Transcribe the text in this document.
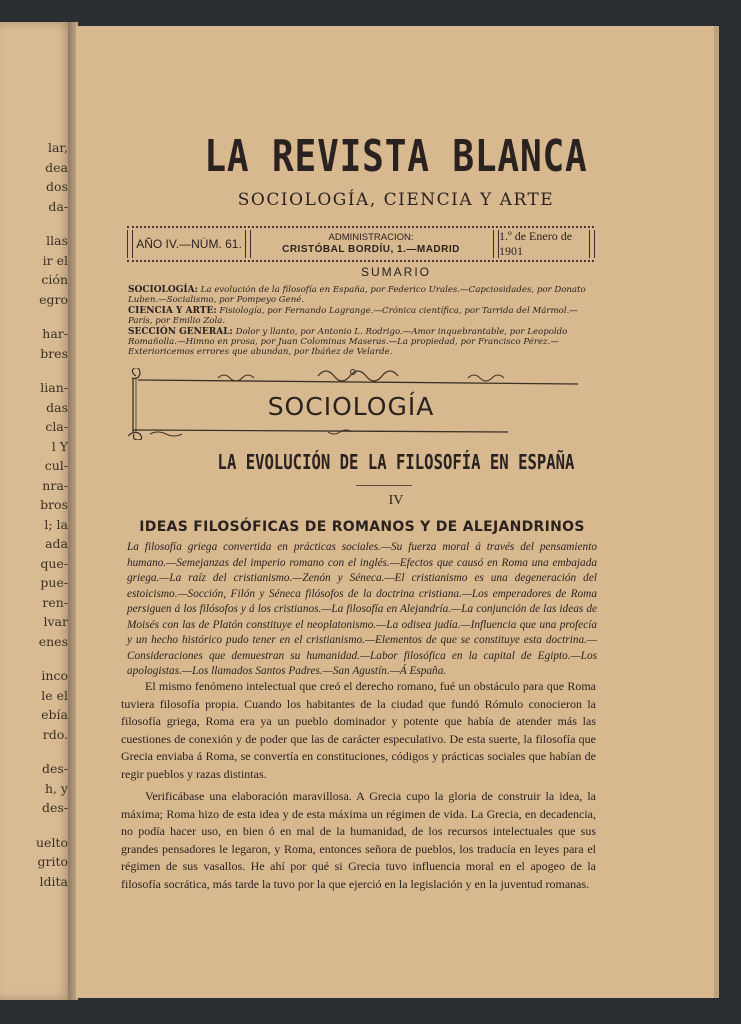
lar,
dea
dos
da-
llas
ir el
ción
egro
har-
bres
lian-
das
cla-
l Y
cul-
nra-
bros
l; la
ada
que-
pue-
ren-
lvar
enes
inco
le el
ebía
rdo.
des-
h, y
des-
uelto
grito
ldita
LA REVISTA BLANCA
SOCIOLOGÍA, CIENCIA Y ARTE
AÑO IV.—NÚM. 61.	ADMINISTRACION:
CRISTÓBAL BORDÍU, 1.—MADRID
1.º de Enero de 1901
SUMARIO
SOCIOLOGÍA: La evolución de la filosofía en España, por Federico Urales.—Capciosidades, por Donato Luben.—Socialismo, por Pompeyo Gené.
CIENCIA Y ARTE: Fisiología, por Fernando Lagrange.—Crónica científica, por Tarrida del Mármol.—París, por Emilio Zola.
SECCIÓN GENERAL: Dolor y llanto, por Antonio L. Rodrigo.—Amor inquebrantable, por Leopoldo Romañolla.—Himno en prosa, por Juan Colominas Maseras.—La propiedad, por Francisco Pérez.—Exterioricemos errores que abundan, por Ibáñez de Velarde.
SOCIOLOGÍA
LA EVOLUCIÓN DE LA FILOSOFÍA EN ESPAÑA
IV
IDEAS FILOSÓFICAS DE ROMANOS Y DE ALEJANDRINOS
La filosofía griega convertida en prácticas sociales.—Su fuerza moral á través del pensamiento humano.—Semejanzas del imperio romano con el inglés.—Efectos que causó en Roma una embajada griega.—La raíz del cristianismo.—Zenón y Séneca.—El cristianismo es una degeneración del estoicismo.—Socción, Filón y Séneca filósofos de la doctrina cristiana.—Los emperadores de Roma persiguen á los filósofos y á los cristianos.—La filosofía en Alejandría.—La conjunción de las ideas de Moisés con las de Platón constituye el neoplatonismo.—La odisea judía.—Influencia que una profecía y un hecho histórico pudo tener en el cristianismo.—Elementos de que se constituye esta doctrina.—Consideraciones que demuestran su humanidad.—Labor filosófica en la capital de Egipto.—Los apologistas.—Los llamados Santos Padres.—San Agustín.—Á España.
El mismo fenómeno intelectual que creó el derecho romano, fué un obstáculo para que Roma tuviera filosofía propia. Cuando los habitantes de la ciudad que fundó Rómulo conocieron la filosofía griega, Roma era ya un pueblo dominador y potente que había de atender más las cuestiones de conexión y de poder que las de carácter especulativo. De esta suerte, la filosofía que Grecia enviaba á Roma, se convertía en constituciones, códigos y prácticas sociales que habían de regir pueblos y razas distintas.
Verificábase una elaboración maravillosa. A Grecia cupo la gloria de construir la idea, la máxima; Roma hizo de esta idea y de esta máxima un régimen de vida. La Grecia, en decadencia, no podía hacer uso, en bien ó en mal de la humanidad, de los recursos intelectuales que sus grandes pensadores le legaron, y Roma, entonces señora de pueblos, los traducía en leyes para el régimen de sus vasallos. He ahí por qué si Grecia tuvo influencia moral en el apogeo de la filosofía socrática, más tarde la tuvo por la que ejerció en la legislación y en la juventud romanas.
